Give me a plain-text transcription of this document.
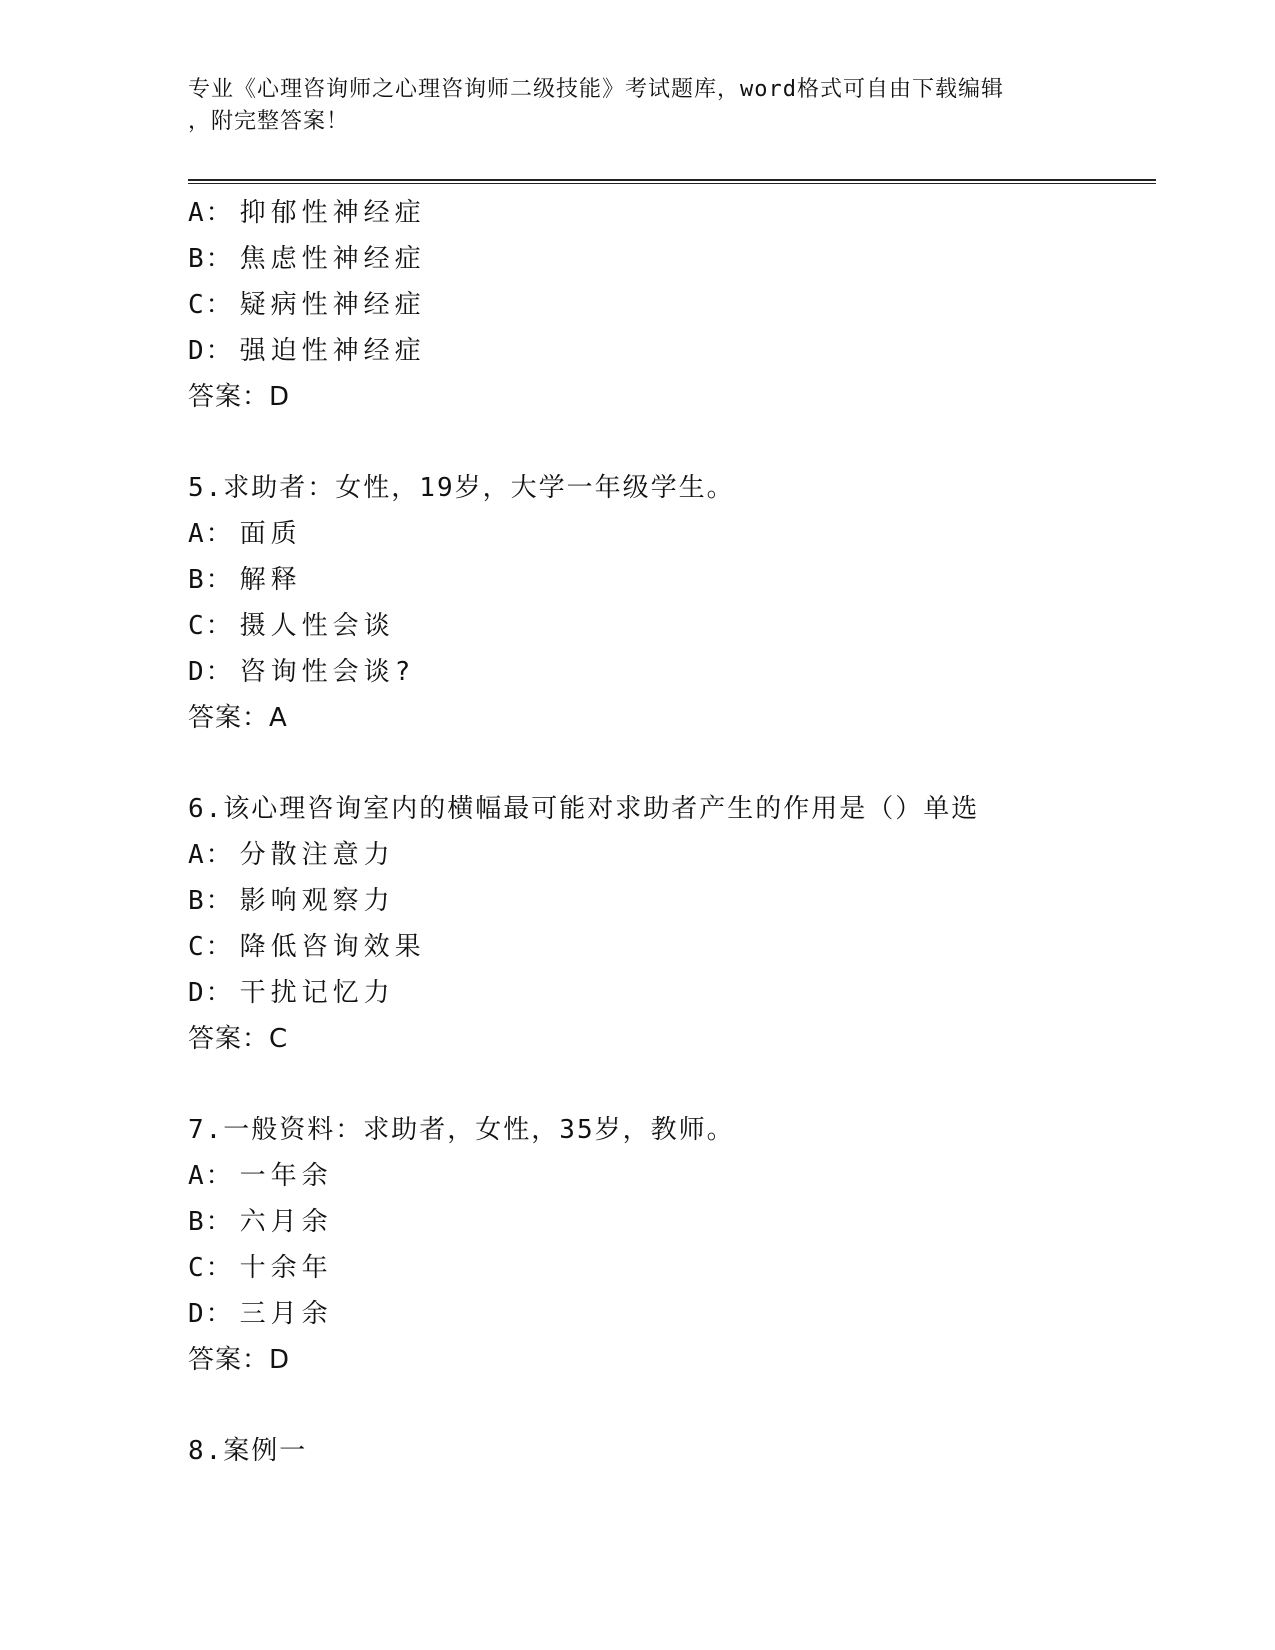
专业《心理咨询师之心理咨询师二级技能》考试题库，word格式可自由下载编辑
，附完整答案！
A： 抑郁性神经症
B： 焦虑性神经症
C： 疑病性神经症
D： 强迫性神经症
答案：D
5.求助者：女性，19岁，大学一年级学生。
A： 面质
B： 解释
C： 摄人性会谈
D： 咨询性会谈?
答案：A
6.该心理咨询室内的横幅最可能对求助者产生的作用是（）单选
A： 分散注意力
B： 影响观察力
C： 降低咨询效果
D： 干扰记忆力
答案：C
7.一般资料：求助者，女性，35岁，教师。
A： 一年余
B： 六月余
C： 十余年
D： 三月余
答案：D
8.案例一
